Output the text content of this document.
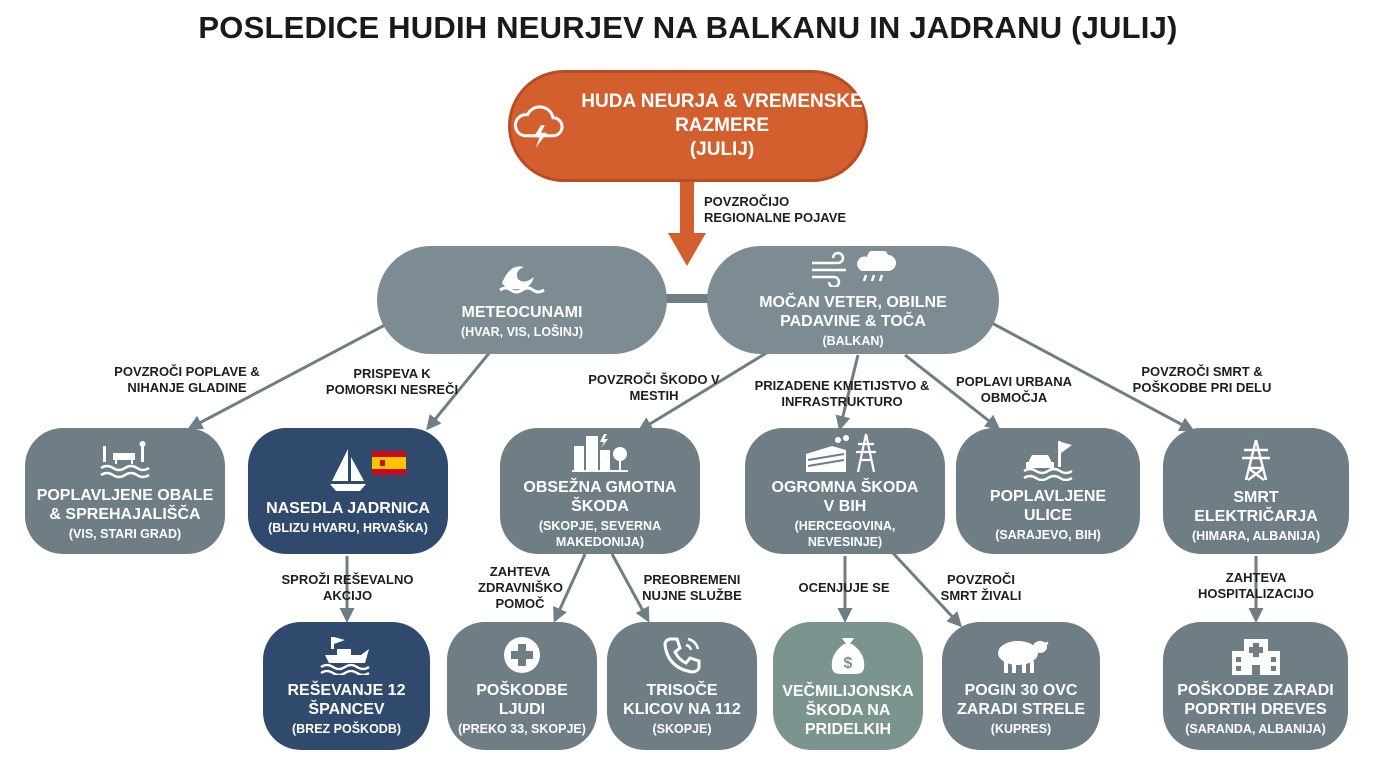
POSLEDICE HUDIH NEURJEV NA BALKANU IN JADRANU (JULIJ)
HUDA NEURJA & VREMENSKE RAZMERE
(JULIJ)
POVZROČIJO REGIONALNE POJAVE
METEOCUNAMI
(HVAR, VIS, LOŠINJ)
MOČAN VETER, OBILNE PADAVINE & TOČA
(BALKAN)
POVZROČI POPLAVE & NIHANJE GLADINE
PRISPEVA K POMORSKI NESREČI
POVZROČI ŠKODO V MESTIH
PRIZADENE KMETIJSTVO & INFRASTRUKTURO
POPLAVI URBANA OBMOČJA
POVZROČI SMRT & POŠKODBE PRI DELU
POPLAVLJENE OBALE & SPREHAJALIŠČA
(VIS, STARI GRAD)
NASEDLA JADRNICA
(BLIZU HVARU, HRVAŠKA)
OBSEŽNA GMOTNA ŠKODA
(SKOPJE, SEVERNA MAKEDONIJA)
OGROMNA ŠKODA V BIH
(HERCEGOVINA, NEVESINJE)
POPLAVLJENE ULICE
(SARAJEVO, BIH)
SMRT ELEKTRIČARJA
(HIMARA, ALBANIJA)
SPROŽI REŠEVALNO AKCIJO
ZAHTEVA ZDRAVNIŠKO POMOČ
PREOBREMENI NUJNE SLUŽBE
OCENJUJE SE
POVZROČI SMRT ŽIVALI
ZAHTEVA HOSPITALIZACIJO
REŠEVANJE 12 ŠPANCEV
(BREZ POŠKODB)
POŠKODBE LJUDI
(PREKO 33, SKOPJE)
TRISOČE KLICOV NA 112
(SKOPJE)
$
VEČMILIJONSKA ŠKODA NA PRIDELKIH
POGIN 30 OVC ZARADI STRELE
(KUPRES)
POŠKODBE ZARADI PODRTIH DREVES
(SARANDA, ALBANIJA)
